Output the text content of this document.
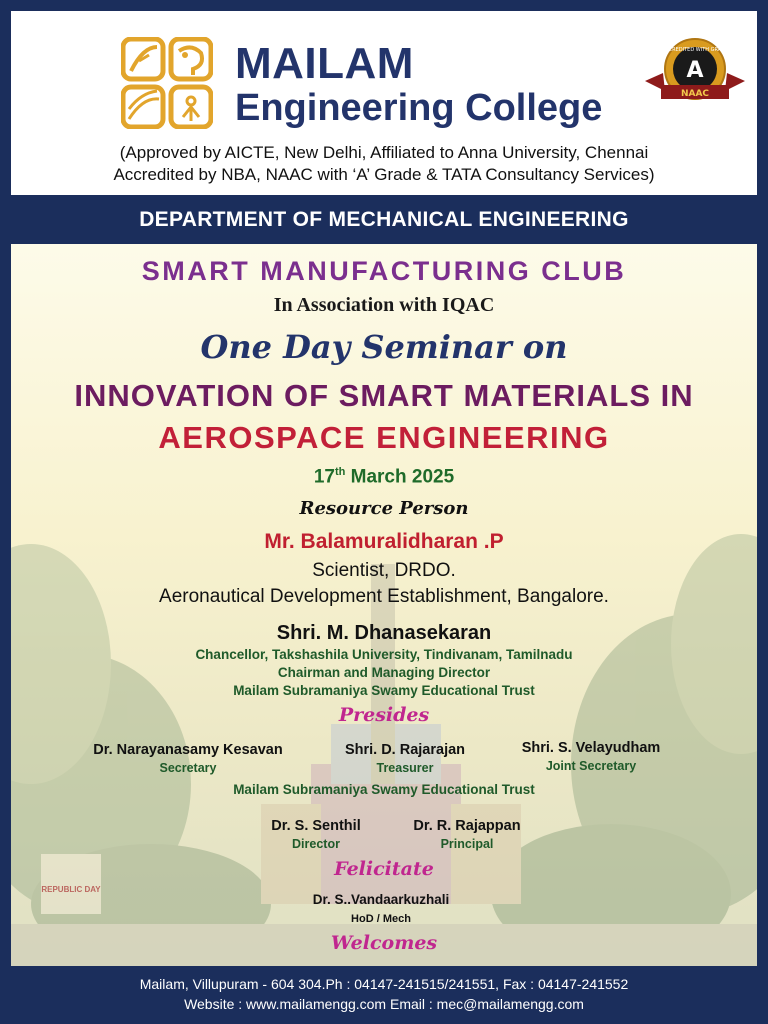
MAILAM
Engineering College
ACCREDITED WITH GRADE
A
NAAC
(Approved by AICTE, New Delhi, Affiliated to Anna University, Chennai
Accredited by NBA, NAAC with ‘A’ Grade & TATA Consultancy Services)
DEPARTMENT OF MECHANICAL ENGINEERING
REPUBLIC DAY
SMART MANUFACTURING CLUB
In Association with IQAC
One Day Seminar on
INNOVATION OF SMART MATERIALS IN
AEROSPACE ENGINEERING
17th March 2025
Resource Person
Mr. Balamuralidharan .P
Scientist, DRDO.
Aeronautical Development Establishment, Bangalore.
Shri. M. Dhanasekaran
Chancellor, Takshashila University, Tindivanam, Tamilnadu
Chairman and Managing Director
Mailam Subramaniya Swamy Educational Trust
Presides
Dr. Narayanasamy Kesavan
Secretary
Shri. D. Rajarajan
Treasurer
Shri. S. Velayudham
Joint Secretary
Mailam Subramaniya Swamy Educational Trust
Dr. S. Senthil
Director
Dr. R. Rajappan
Principal
Felicitate
Dr. S..Vandaarkuzhali
HoD / Mech
Welcomes
Mailam, Villupuram - 604 304.Ph : 04147-241515/241551, Fax : 04147-241552
Website : www.mailamengg.com Email : mec@mailamengg.com
